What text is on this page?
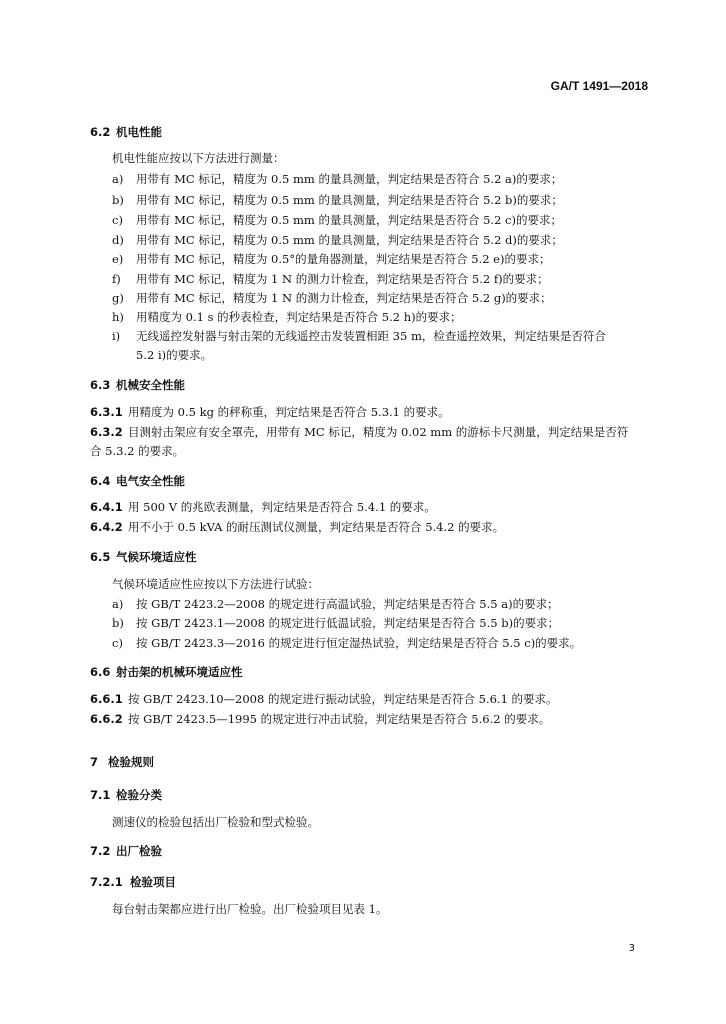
GA/T 1491—2018
6.2 机电性能
机电性能应按以下方法进行测量：
a) 用带有 MC 标记，精度为 0.5 mm 的量具测量，判定结果是否符合 5.2 a)的要求；
b) 用带有 MC 标记，精度为 0.5 mm 的量具测量，判定结果是否符合 5.2 b)的要求；
c) 用带有 MC 标记，精度为 0.5 mm 的量具测量，判定结果是否符合 5.2 c)的要求；
d) 用带有 MC 标记，精度为 0.5 mm 的量具测量，判定结果是否符合 5.2 d)的要求；
e) 用带有 MC 标记，精度为 0.5°的量角器测量，判定结果是否符合 5.2 e)的要求；
f) 用带有 MC 标记，精度为 1 N 的测力计检查，判定结果是否符合 5.2 f)的要求；
g) 用带有 MC 标记，精度为 1 N 的测力计检查，判定结果是否符合 5.2 g)的要求；
h) 用精度为 0.1 s 的秒表检查，判定结果是否符合 5.2 h)的要求；
i) 无线遥控发射器与射击架的无线遥控击发装置相距 35 m，检查遥控效果，判定结果是否符合
5.2 i)的要求。
6.3 机械安全性能
6.3.1 用精度为 0.5 kg 的秤称重，判定结果是否符合 5.3.1 的要求。
6.3.2 目测射击架应有安全罩壳，用带有 MC 标记，精度为 0.02 mm 的游标卡尺测量，判定结果是否符
合 5.3.2 的要求。
6.4 电气安全性能
6.4.1 用 500 V 的兆欧表测量，判定结果是否符合 5.4.1 的要求。
6.4.2 用不小于 0.5 kVA 的耐压测试仪测量，判定结果是否符合 5.4.2 的要求。
6.5 气候环境适应性
气候环境适应性应按以下方法进行试验：
a) 按 GB/T 2423.2—2008 的规定进行高温试验，判定结果是否符合 5.5 a)的要求；
b) 按 GB/T 2423.1—2008 的规定进行低温试验，判定结果是否符合 5.5 b)的要求；
c) 按 GB/T 2423.3—2016 的规定进行恒定湿热试验，判定结果是否符合 5.5 c)的要求。
6.6 射击架的机械环境适应性
6.6.1 按 GB/T 2423.10—2008 的规定进行振动试验，判定结果是否符合 5.6.1 的要求。
6.6.2 按 GB/T 2423.5—1995 的规定进行冲击试验，判定结果是否符合 5.6.2 的要求。
7 检验规则
7.1 检验分类
测速仪的检验包括出厂检验和型式检验。
7.2 出厂检验
7.2.1 检验项目
每台射击架都应进行出厂检验。出厂检验项目见表 1。
3
